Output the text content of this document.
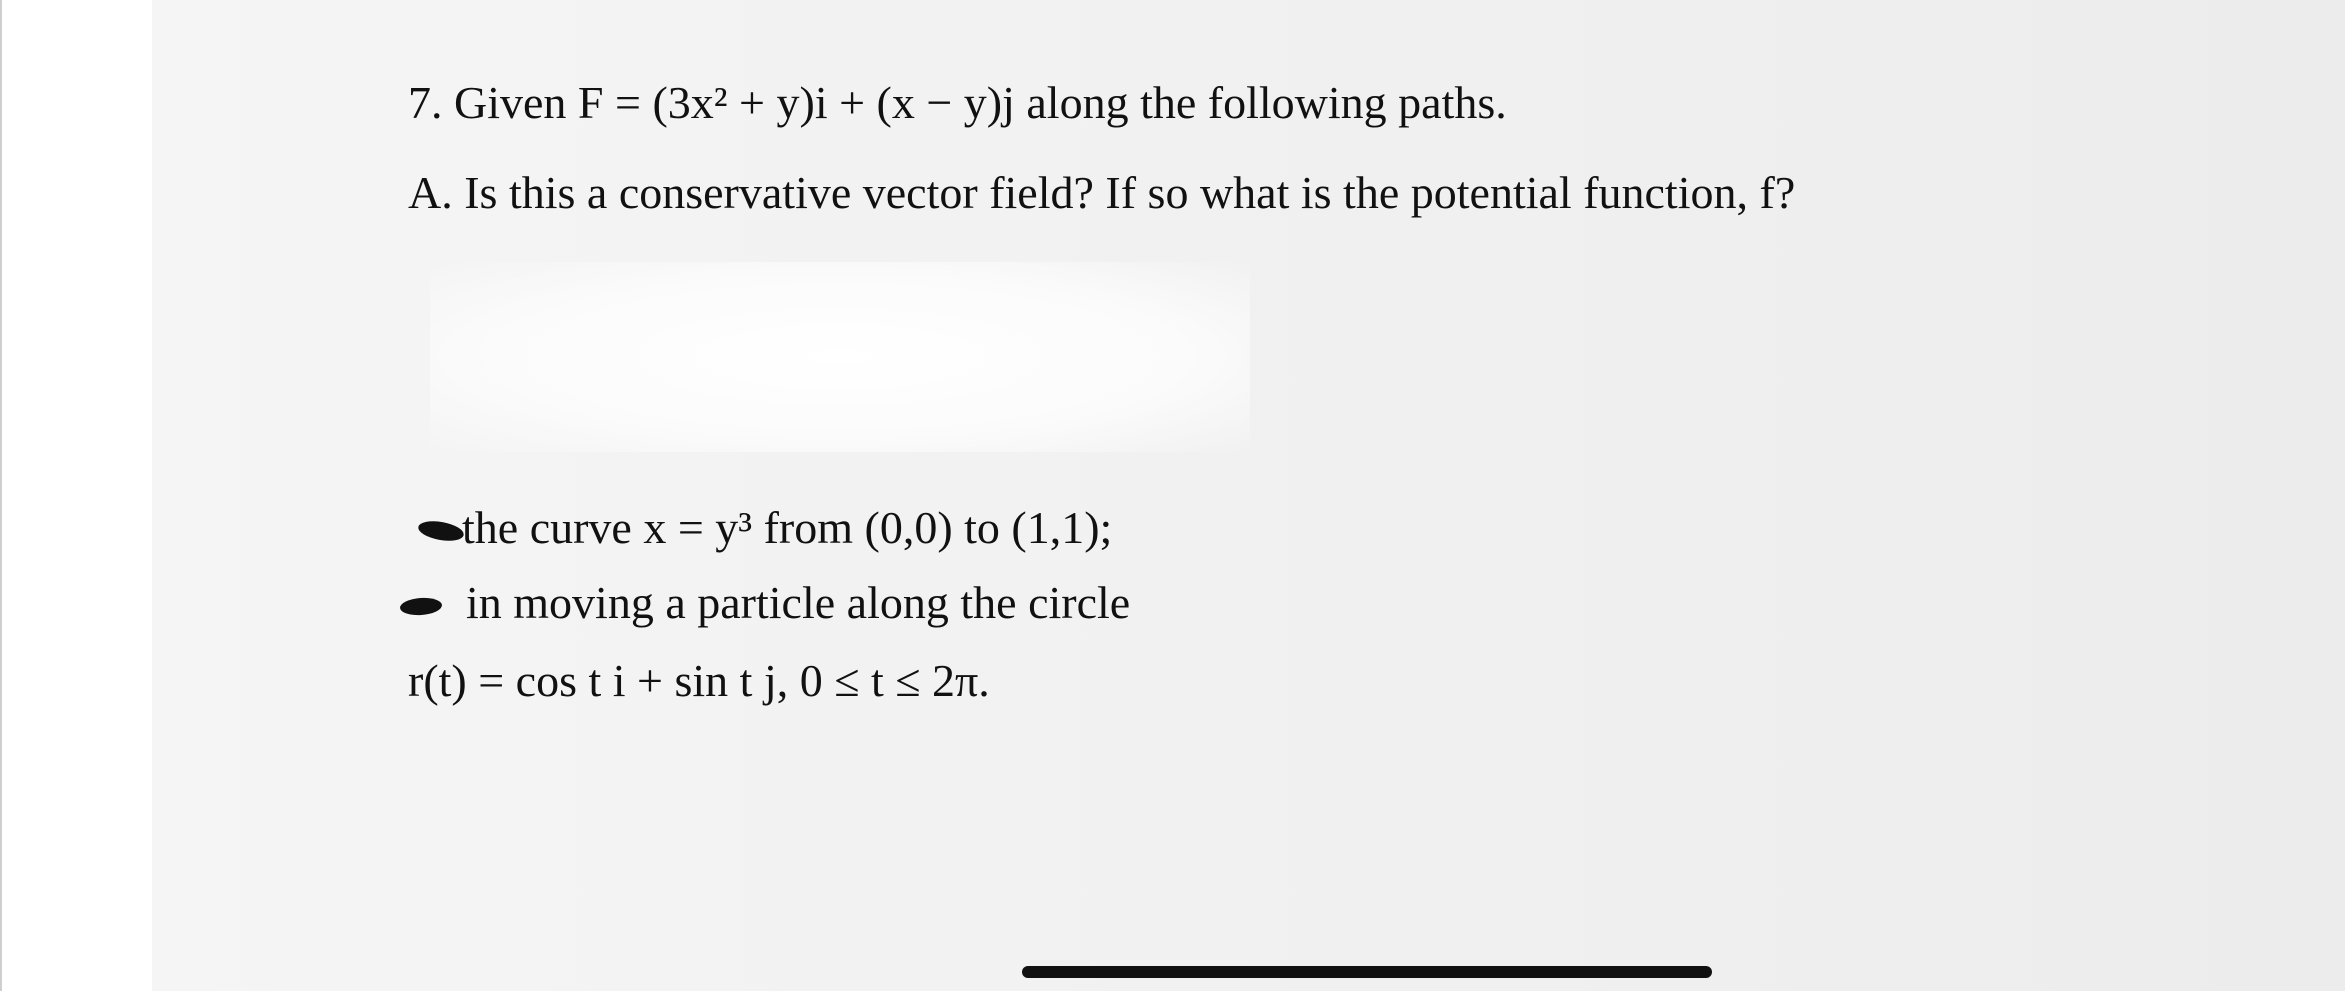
7. Given F = (3x² + y)i + (x − y)j along the following paths.
A. Is this a conservative vector field? If so what is the potential function, f?
the curve x = y³ from (0,0) to (1,1);
in moving a particle along the circle
r(t) = cos t i + sin t j, 0 ≤ t ≤ 2π.
